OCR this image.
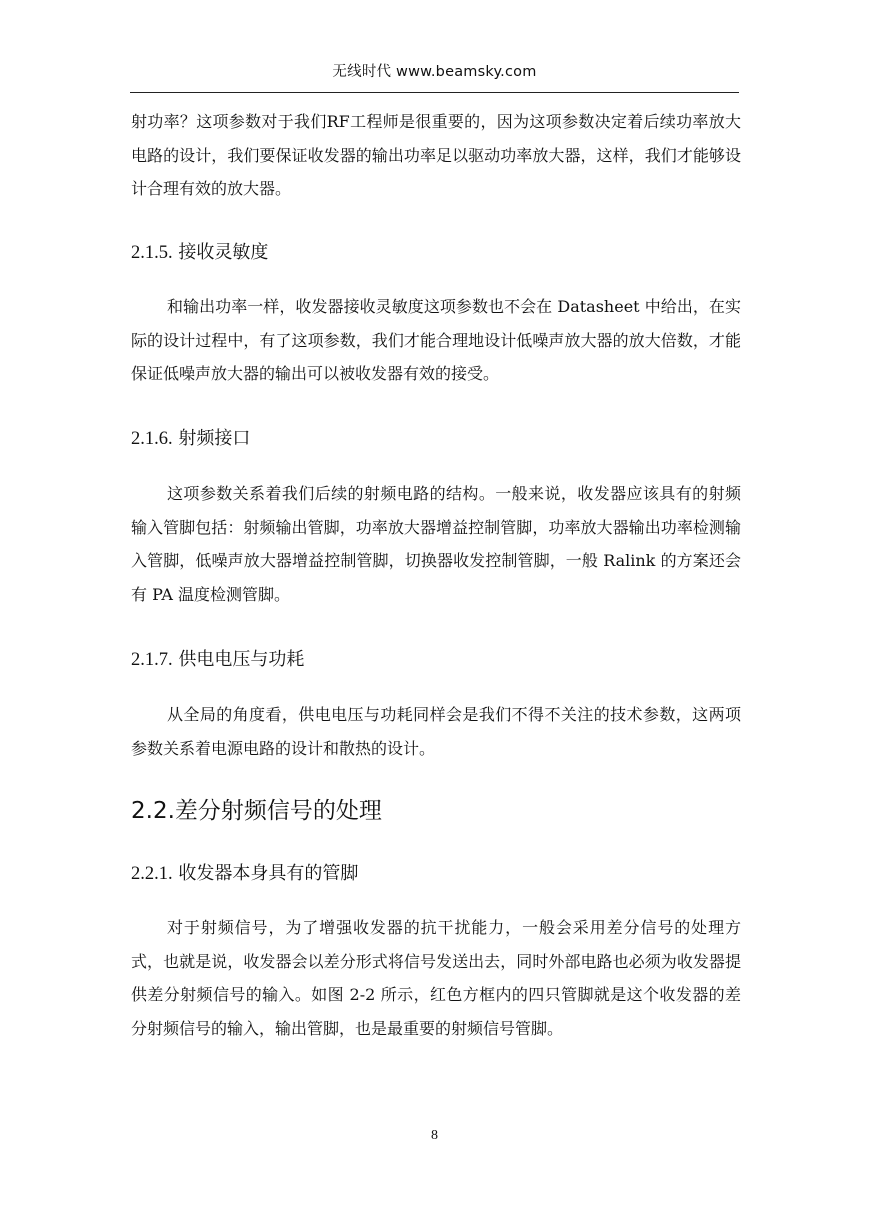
无线时代 www.beamsky.com

射功率？这项参数对于我们RF工程师是很重要的，因为这项参数决定着后续功率放大电路的设计，我们要保证收发器的输出功率足以驱动功率放大器，这样，我们才能够设计合理有效的放大器。

2.1.5. 接收灵敏度

和输出功率一样，收发器接收灵敏度这项参数也不会在 Datasheet 中给出，在实际的设计过程中，有了这项参数，我们才能合理地设计低噪声放大器的放大倍数，才能保证低噪声放大器的输出可以被收发器有效的接受。

2.1.6. 射频接口

这项参数关系着我们后续的射频电路的结构。一般来说，收发器应该具有的射频输入管脚包括：射频输出管脚，功率放大器增益控制管脚，功率放大器输出功率检测输入管脚，低噪声放大器增益控制管脚，切换器收发控制管脚，一般 Ralink 的方案还会有 PA 温度检测管脚。

2.1.7. 供电电压与功耗

从全局的角度看，供电电压与功耗同样会是我们不得不关注的技术参数，这两项参数关系着电源电路的设计和散热的设计。

2.2.差分射频信号的处理
2.2.1. 收发器本身具有的管脚

对于射频信号，为了增强收发器的抗干扰能力，一般会采用差分信号的处理方式，也就是说，收发器会以差分形式将信号发送出去，同时外部电路也必须为收发器提供差分射频信号的输入。如图 2-2 所示，红色方框内的四只管脚就是这个收发器的差分射频信号的输入，输出管脚，也是最重要的射频信号管脚。

8
